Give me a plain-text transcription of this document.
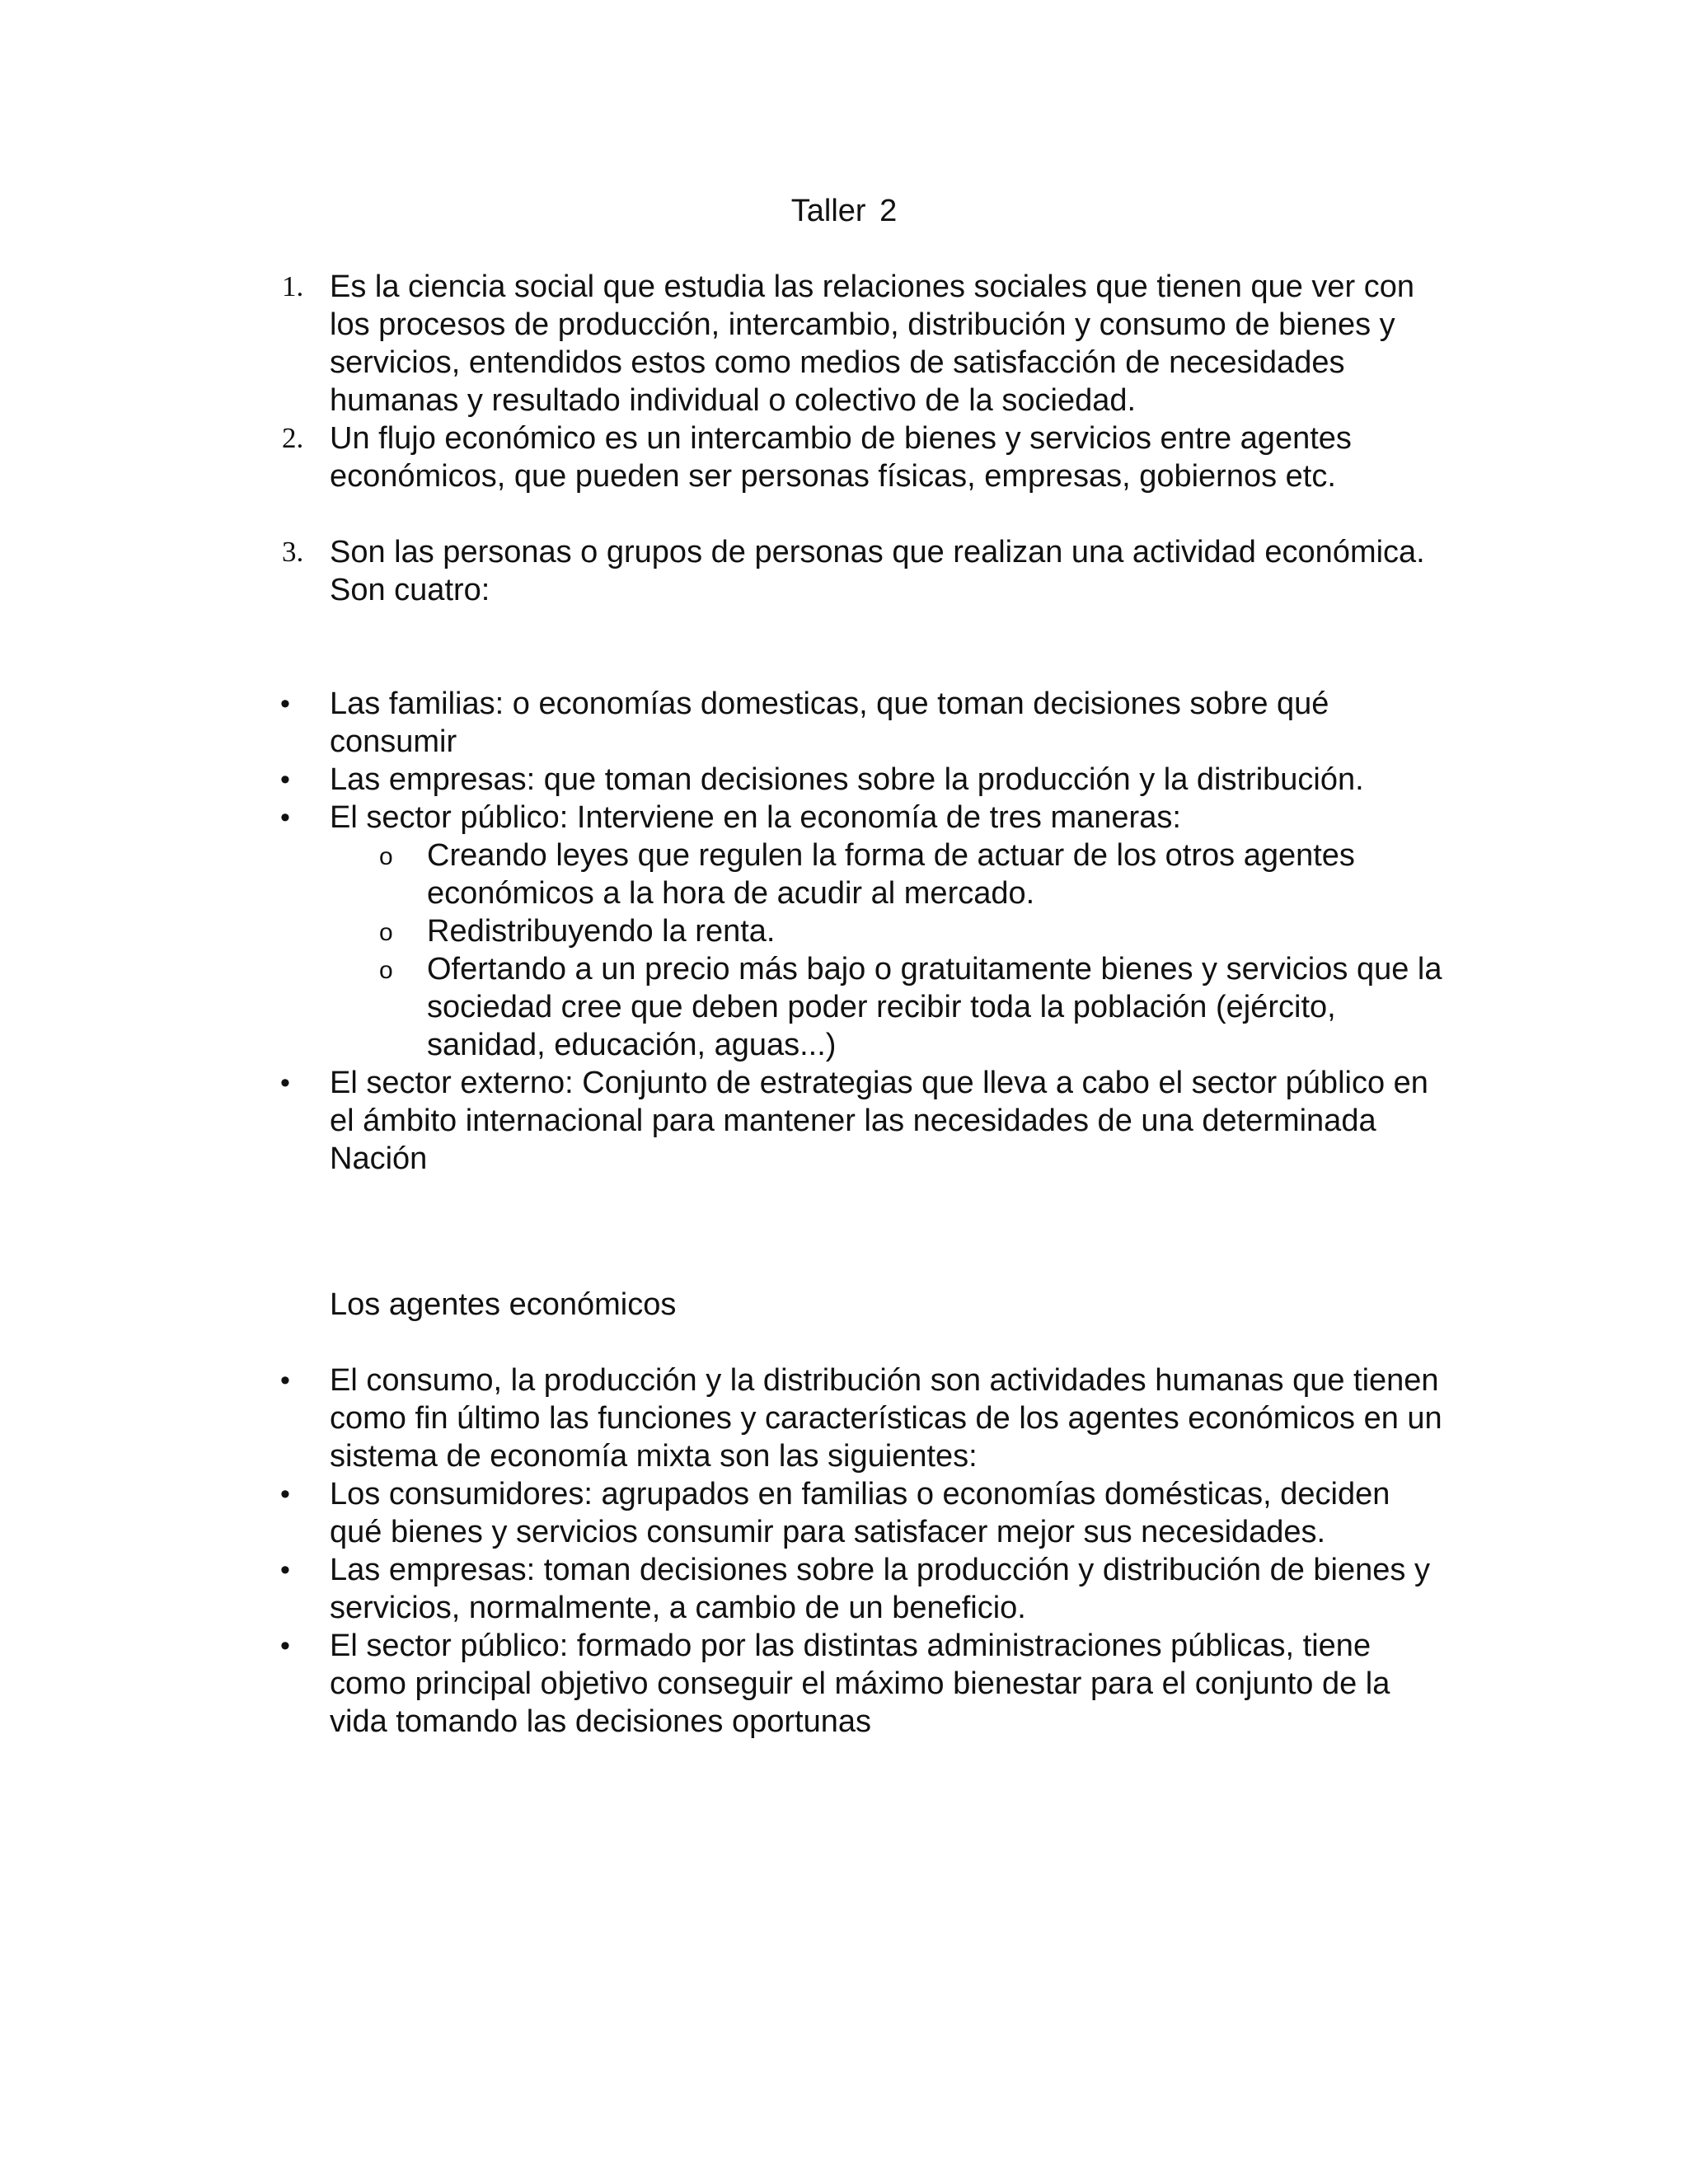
Taller 2
1. Es la ciencia social que estudia las relaciones sociales que tienen que ver con los procesos de producción, intercambio, distribución y consumo de bienes y servicios, entendidos estos como medios de satisfacción de necesidades humanas y resultado individual o colectivo de la sociedad.
2. Un flujo económico es un intercambio de bienes y servicios entre agentes económicos, que pueden ser personas físicas, empresas, gobiernos etc.
3. Son las personas o grupos de personas que realizan una actividad económica.
Son cuatro:
• Las familias: o economías domesticas, que toman decisiones sobre qué consumir
• Las empresas: que toman decisiones sobre la producción y la distribución.
• El sector público: Interviene en la economía de tres maneras:
o Creando leyes que regulen la forma de actuar de los otros agentes económicos a la hora de acudir al mercado.
o Redistribuyendo la renta.
o Ofertando a un precio más bajo o gratuitamente bienes y servicios que la sociedad cree que deben poder recibir toda la población (ejército, sanidad, educación, aguas...)
• El sector externo: Conjunto de estrategias que lleva a cabo el sector público en el ámbito internacional para mantener las necesidades de una determinada Nación
Los agentes económicos
• El consumo, la producción y la distribución son actividades humanas que tienen como fin último las funciones y características de los agentes económicos en un sistema de economía mixta son las siguientes:
• Los consumidores: agrupados en familias o economías domésticas, deciden qué bienes y servicios consumir para satisfacer mejor sus necesidades.
• Las empresas: toman decisiones sobre la producción y distribución de bienes y servicios, normalmente, a cambio de un beneficio.
• El sector público: formado por las distintas administraciones públicas, tiene como principal objetivo conseguir el máximo bienestar para el conjunto de la vida tomando las decisiones oportunas
